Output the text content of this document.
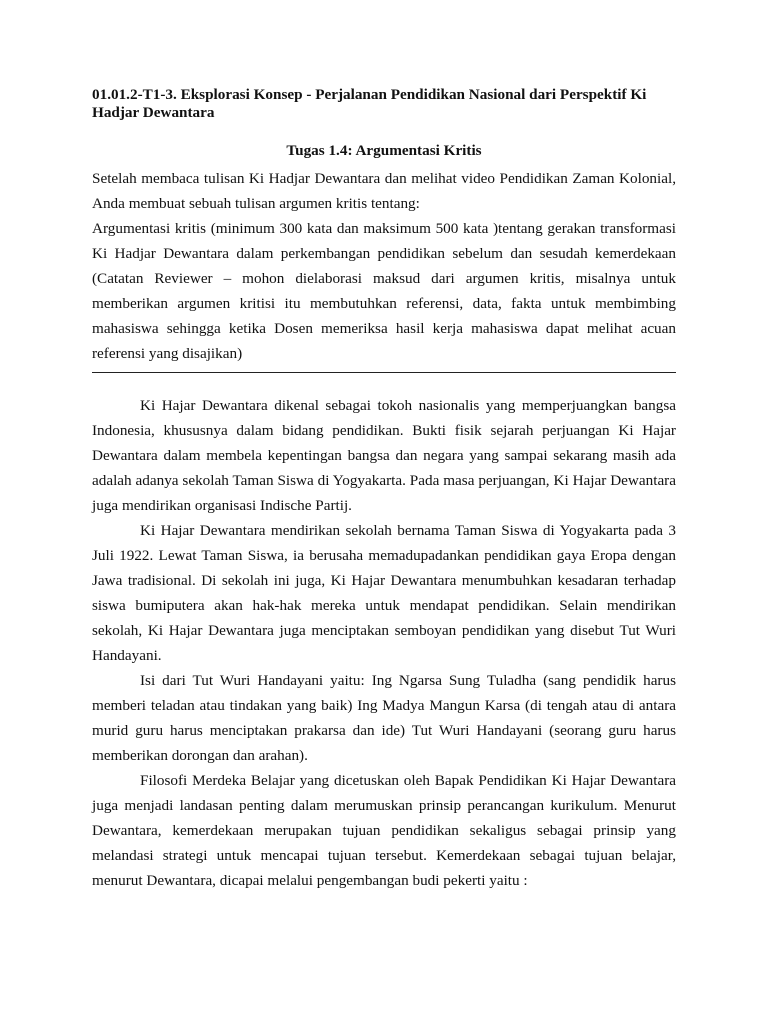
01.01.2-T1-3. Eksplorasi Konsep - Perjalanan Pendidikan Nasional dari Perspektif Ki Hadjar Dewantara
Tugas 1.4: Argumentasi Kritis

Setelah membaca tulisan Ki Hadjar Dewantara dan melihat video Pendidikan Zaman Kolonial, Anda membuat sebuah tulisan argumen kritis tentang:

Argumentasi kritis (minimum 300 kata dan maksimum 500 kata )tentang gerakan transformasi Ki Hadjar Dewantara dalam perkembangan pendidikan sebelum dan sesudah kemerdekaan (Catatan Reviewer – mohon dielaborasi maksud dari argumen kritis, misalnya untuk memberikan argumen kritisi itu membutuhkan referensi, data, fakta untuk membimbing mahasiswa sehingga ketika Dosen memeriksa hasil kerja mahasiswa dapat melihat acuan referensi yang disajikan)

Ki Hajar Dewantara dikenal sebagai tokoh nasionalis yang memperjuangkan bangsa Indonesia, khususnya dalam bidang pendidikan. Bukti fisik sejarah perjuangan Ki Hajar Dewantara dalam membela kepentingan bangsa dan negara yang sampai sekarang masih ada adalah adanya sekolah Taman Siswa di Yogyakarta. Pada masa perjuangan, Ki Hajar Dewantara juga mendirikan organisasi Indische Partij.

Ki Hajar Dewantara mendirikan sekolah bernama Taman Siswa di Yogyakarta pada 3 Juli 1922. Lewat Taman Siswa, ia berusaha memadupadankan pendidikan gaya Eropa dengan Jawa tradisional. Di sekolah ini juga, Ki Hajar Dewantara menumbuhkan kesadaran terhadap siswa bumiputera akan hak-hak mereka untuk mendapat pendidikan. Selain mendirikan sekolah, Ki Hajar Dewantara juga menciptakan semboyan pendidikan yang disebut Tut Wuri Handayani.

Isi dari Tut Wuri Handayani yaitu: Ing Ngarsa Sung Tuladha (sang pendidik harus memberi teladan atau tindakan yang baik) Ing Madya Mangun Karsa (di tengah atau di antara murid guru harus menciptakan prakarsa dan ide) Tut Wuri Handayani (seorang guru harus memberikan dorongan dan arahan).

Filosofi Merdeka Belajar yang dicetuskan oleh Bapak Pendidikan Ki Hajar Dewantara juga menjadi landasan penting dalam merumuskan prinsip perancangan kurikulum. Menurut Dewantara, kemerdekaan merupakan tujuan pendidikan sekaligus sebagai prinsip yang melandasi strategi untuk mencapai tujuan tersebut. Kemerdekaan sebagai tujuan belajar, menurut Dewantara, dicapai melalui pengembangan budi pekerti yaitu :
